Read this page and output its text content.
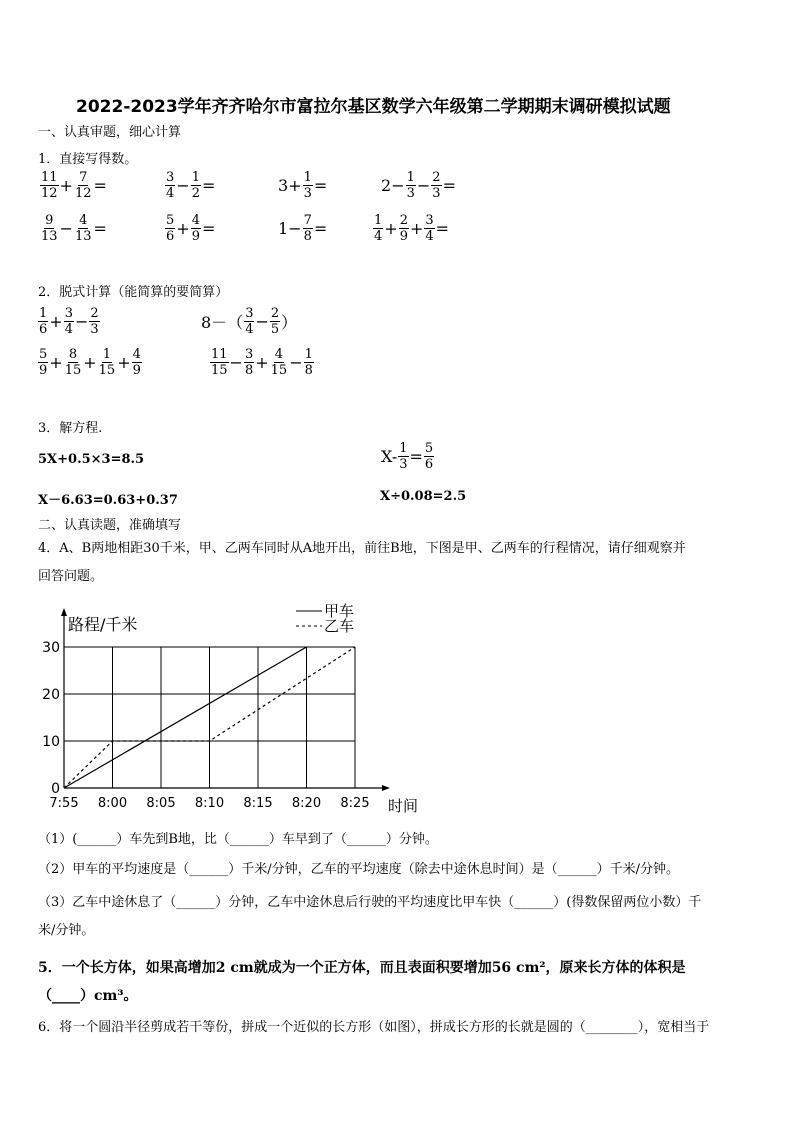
2022-2023学年齐齐哈尔市富拉尔基区数学六年级第二学期期末调研模拟试题
一、认真审题，细心计算
1．直接写得数。
$\frac{11}{12} + \frac{7}{12}$ =	$\frac{3}{4} - \frac{1}{2}$ =	$3+ \frac{1}{3}$ =	$2- \frac{1}{3} - \frac{2}{3}$ =
$\frac{9}{13} - \frac{4}{13}$ =	$\frac{5}{6} + \frac{4}{9}$ =	$1- \frac{7}{8}$ =	$\frac{1}{4} + \frac{2}{9} + \frac{3}{4}$ =
2．脱式计算（能简算的要简算）
$\frac{1}{6} + \frac{3}{4} - \frac{2}{3}$	$8-( \frac{3}{4} - \frac{2}{5}$ ）
$\frac{5}{9} + \frac{8}{15} + \frac{1}{15} + \frac{4}{9}$	$\frac{11}{15} - \frac{3}{8} + \frac{4}{15} - \frac{1}{8}$
3．解方程.
5X+0.5×3=8.5	$X- \frac{1}{3} = \frac{5}{6}$
X－6.63=0.63+0.37	X÷0.08=2.5
二、认真读题，准确填写
4．A、B两地相距30千米，甲、乙两车同时从A地开出，前往B地，下图是甲、乙两车的行程情况，请仔细观察并
回答问题。
0
10
20
30
7:55 8:00 8:05 8:10 8:15 8:20 8:25
路程/千米
时间
甲车
乙车
（1）(______）车先到B地，比（______）车早到了（______）分钟。
（2）甲车的平均速度是（______）千米/分钟，乙车的平均速度（除去中途休息时间）是（______）千米/分钟。
（3）乙车中途休息了（______）分钟，乙车中途休息后行驶的平均速度比甲车快（______）(得数保留两位小数）千
米/分钟。
5．一个长方体，如果高增加2 cm就成为一个正方体，而且表面积要增加56 cm²，原来长方体的体积是
（____）cm³。
6．将一个圆沿半径剪成若干等份，拼成一个近似的长方形（如图），拼成长方形的长就是圆的（________），宽相当于
